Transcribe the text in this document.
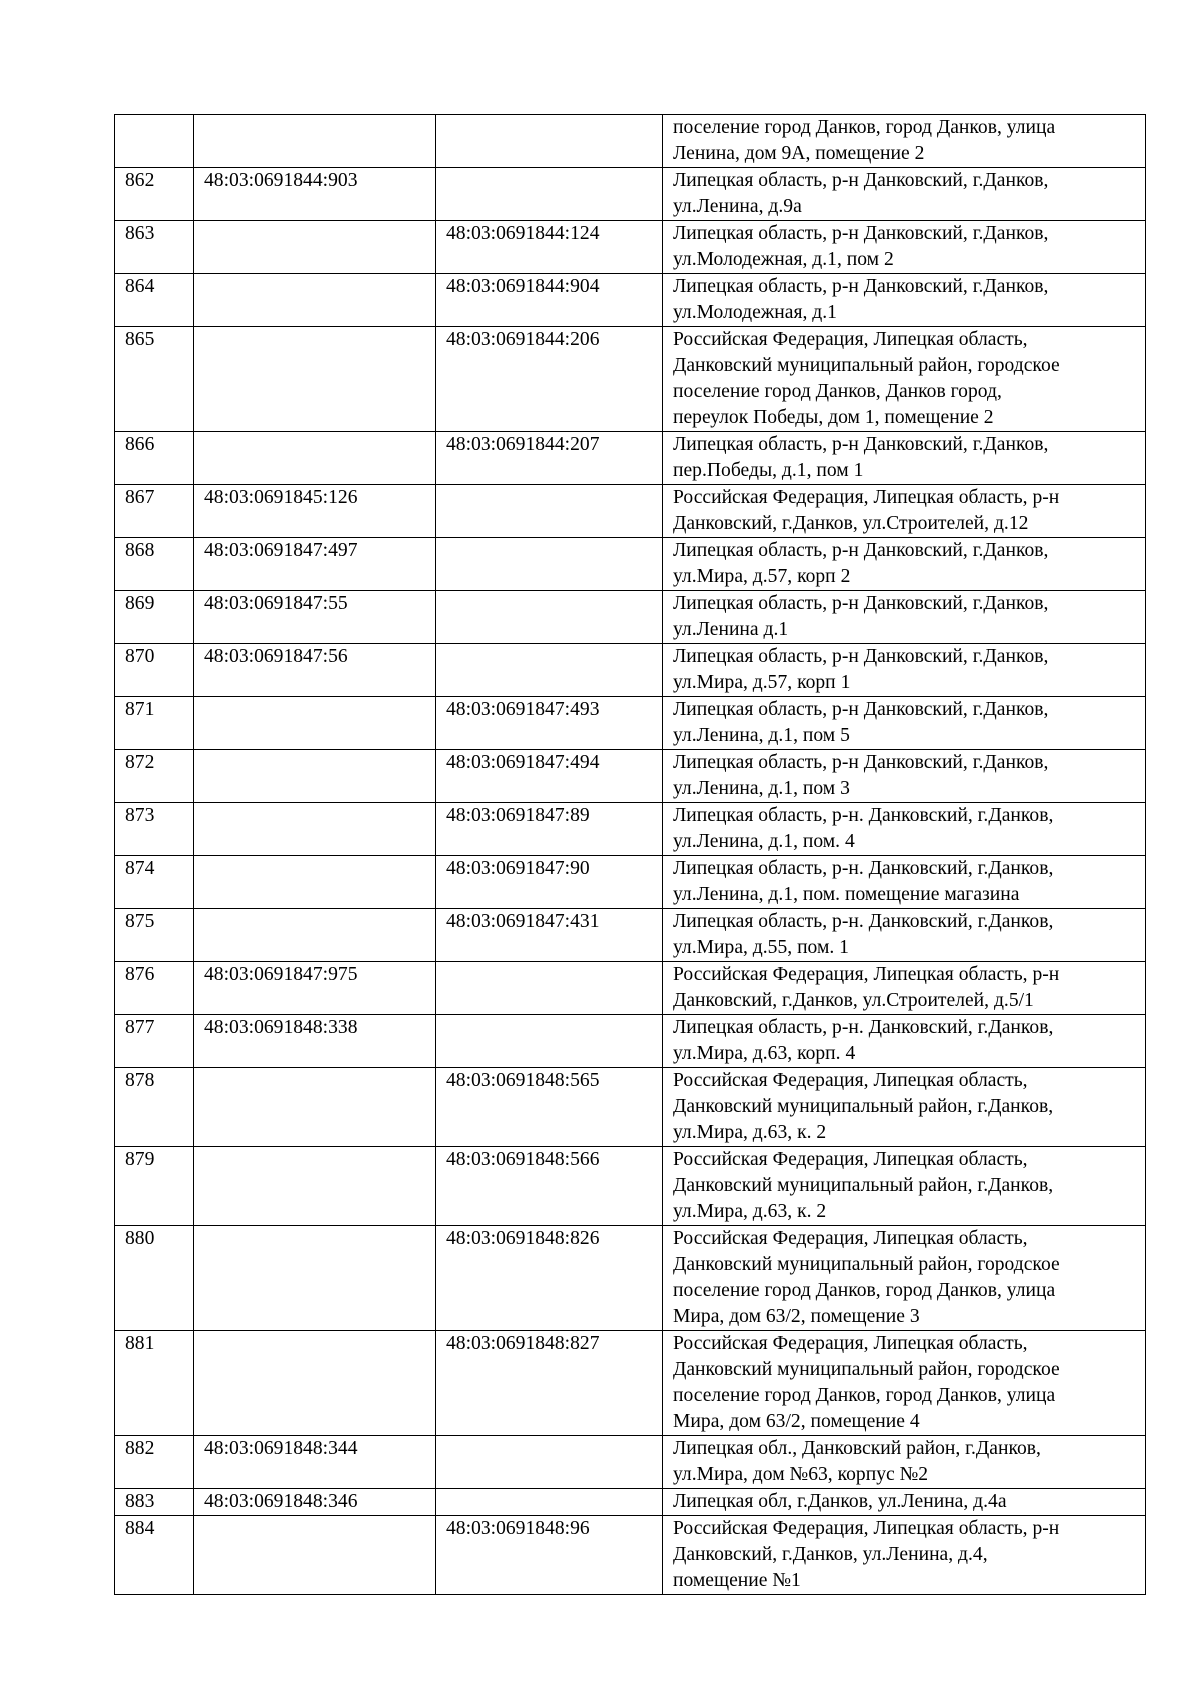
			поселение город Данков, город Данков, улица
Ленина, дом 9А, помещение 2
862	48:03:0691844:903		Липецкая область, р-н Данковский, г.Данков,
ул.Ленина, д.9а
863		48:03:0691844:124	Липецкая область, р-н Данковский, г.Данков,
ул.Молодежная, д.1, пом 2
864		48:03:0691844:904	Липецкая область, р-н Данковский, г.Данков,
ул.Молодежная, д.1
865		48:03:0691844:206	Российская Федерация, Липецкая область,
Данковский муниципальный район, городское
поселение город Данков, Данков город,
переулок Победы, дом 1, помещение 2
866		48:03:0691844:207	Липецкая область, р-н Данковский, г.Данков,
пер.Победы, д.1, пом 1
867	48:03:0691845:126		Российская Федерация, Липецкая область, р-н
Данковский, г.Данков, ул.Строителей, д.12
868	48:03:0691847:497		Липецкая область, р-н Данковский, г.Данков,
ул.Мира, д.57, корп 2
869	48:03:0691847:55		Липецкая область, р-н Данковский, г.Данков,
ул.Ленина д.1
870	48:03:0691847:56		Липецкая область, р-н Данковский, г.Данков,
ул.Мира, д.57, корп 1
871		48:03:0691847:493	Липецкая область, р-н Данковский, г.Данков,
ул.Ленина, д.1, пом 5
872		48:03:0691847:494	Липецкая область, р-н Данковский, г.Данков,
ул.Ленина, д.1, пом 3
873		48:03:0691847:89	Липецкая область, р-н. Данковский, г.Данков,
ул.Ленина, д.1, пом. 4
874		48:03:0691847:90	Липецкая область, р-н. Данковский, г.Данков,
ул.Ленина, д.1, пом. помещение магазина
875		48:03:0691847:431	Липецкая область, р-н. Данковский, г.Данков,
ул.Мира, д.55, пом. 1
876	48:03:0691847:975		Российская Федерация, Липецкая область, р-н
Данковский, г.Данков, ул.Строителей, д.5/1
877	48:03:0691848:338		Липецкая область, р-н. Данковский, г.Данков,
ул.Мира, д.63, корп. 4
878		48:03:0691848:565	Российская Федерация, Липецкая область,
Данковский муниципальный район, г.Данков,
ул.Мира, д.63, к. 2
879		48:03:0691848:566	Российская Федерация, Липецкая область,
Данковский муниципальный район, г.Данков,
ул.Мира, д.63, к. 2
880		48:03:0691848:826	Российская Федерация, Липецкая область,
Данковский муниципальный район, городское
поселение город Данков, город Данков, улица
Мира, дом 63/2, помещение 3
881		48:03:0691848:827	Российская Федерация, Липецкая область,
Данковский муниципальный район, городское
поселение город Данков, город Данков, улица
Мира, дом 63/2, помещение 4
882	48:03:0691848:344		Липецкая обл., Данковский район, г.Данков,
ул.Мира, дом №63, корпус №2
883	48:03:0691848:346		Липецкая обл, г.Данков, ул.Ленина, д.4а
884		48:03:0691848:96	Российская Федерация, Липецкая область, р-н
Данковский, г.Данков, ул.Ленина, д.4,
помещение №1
